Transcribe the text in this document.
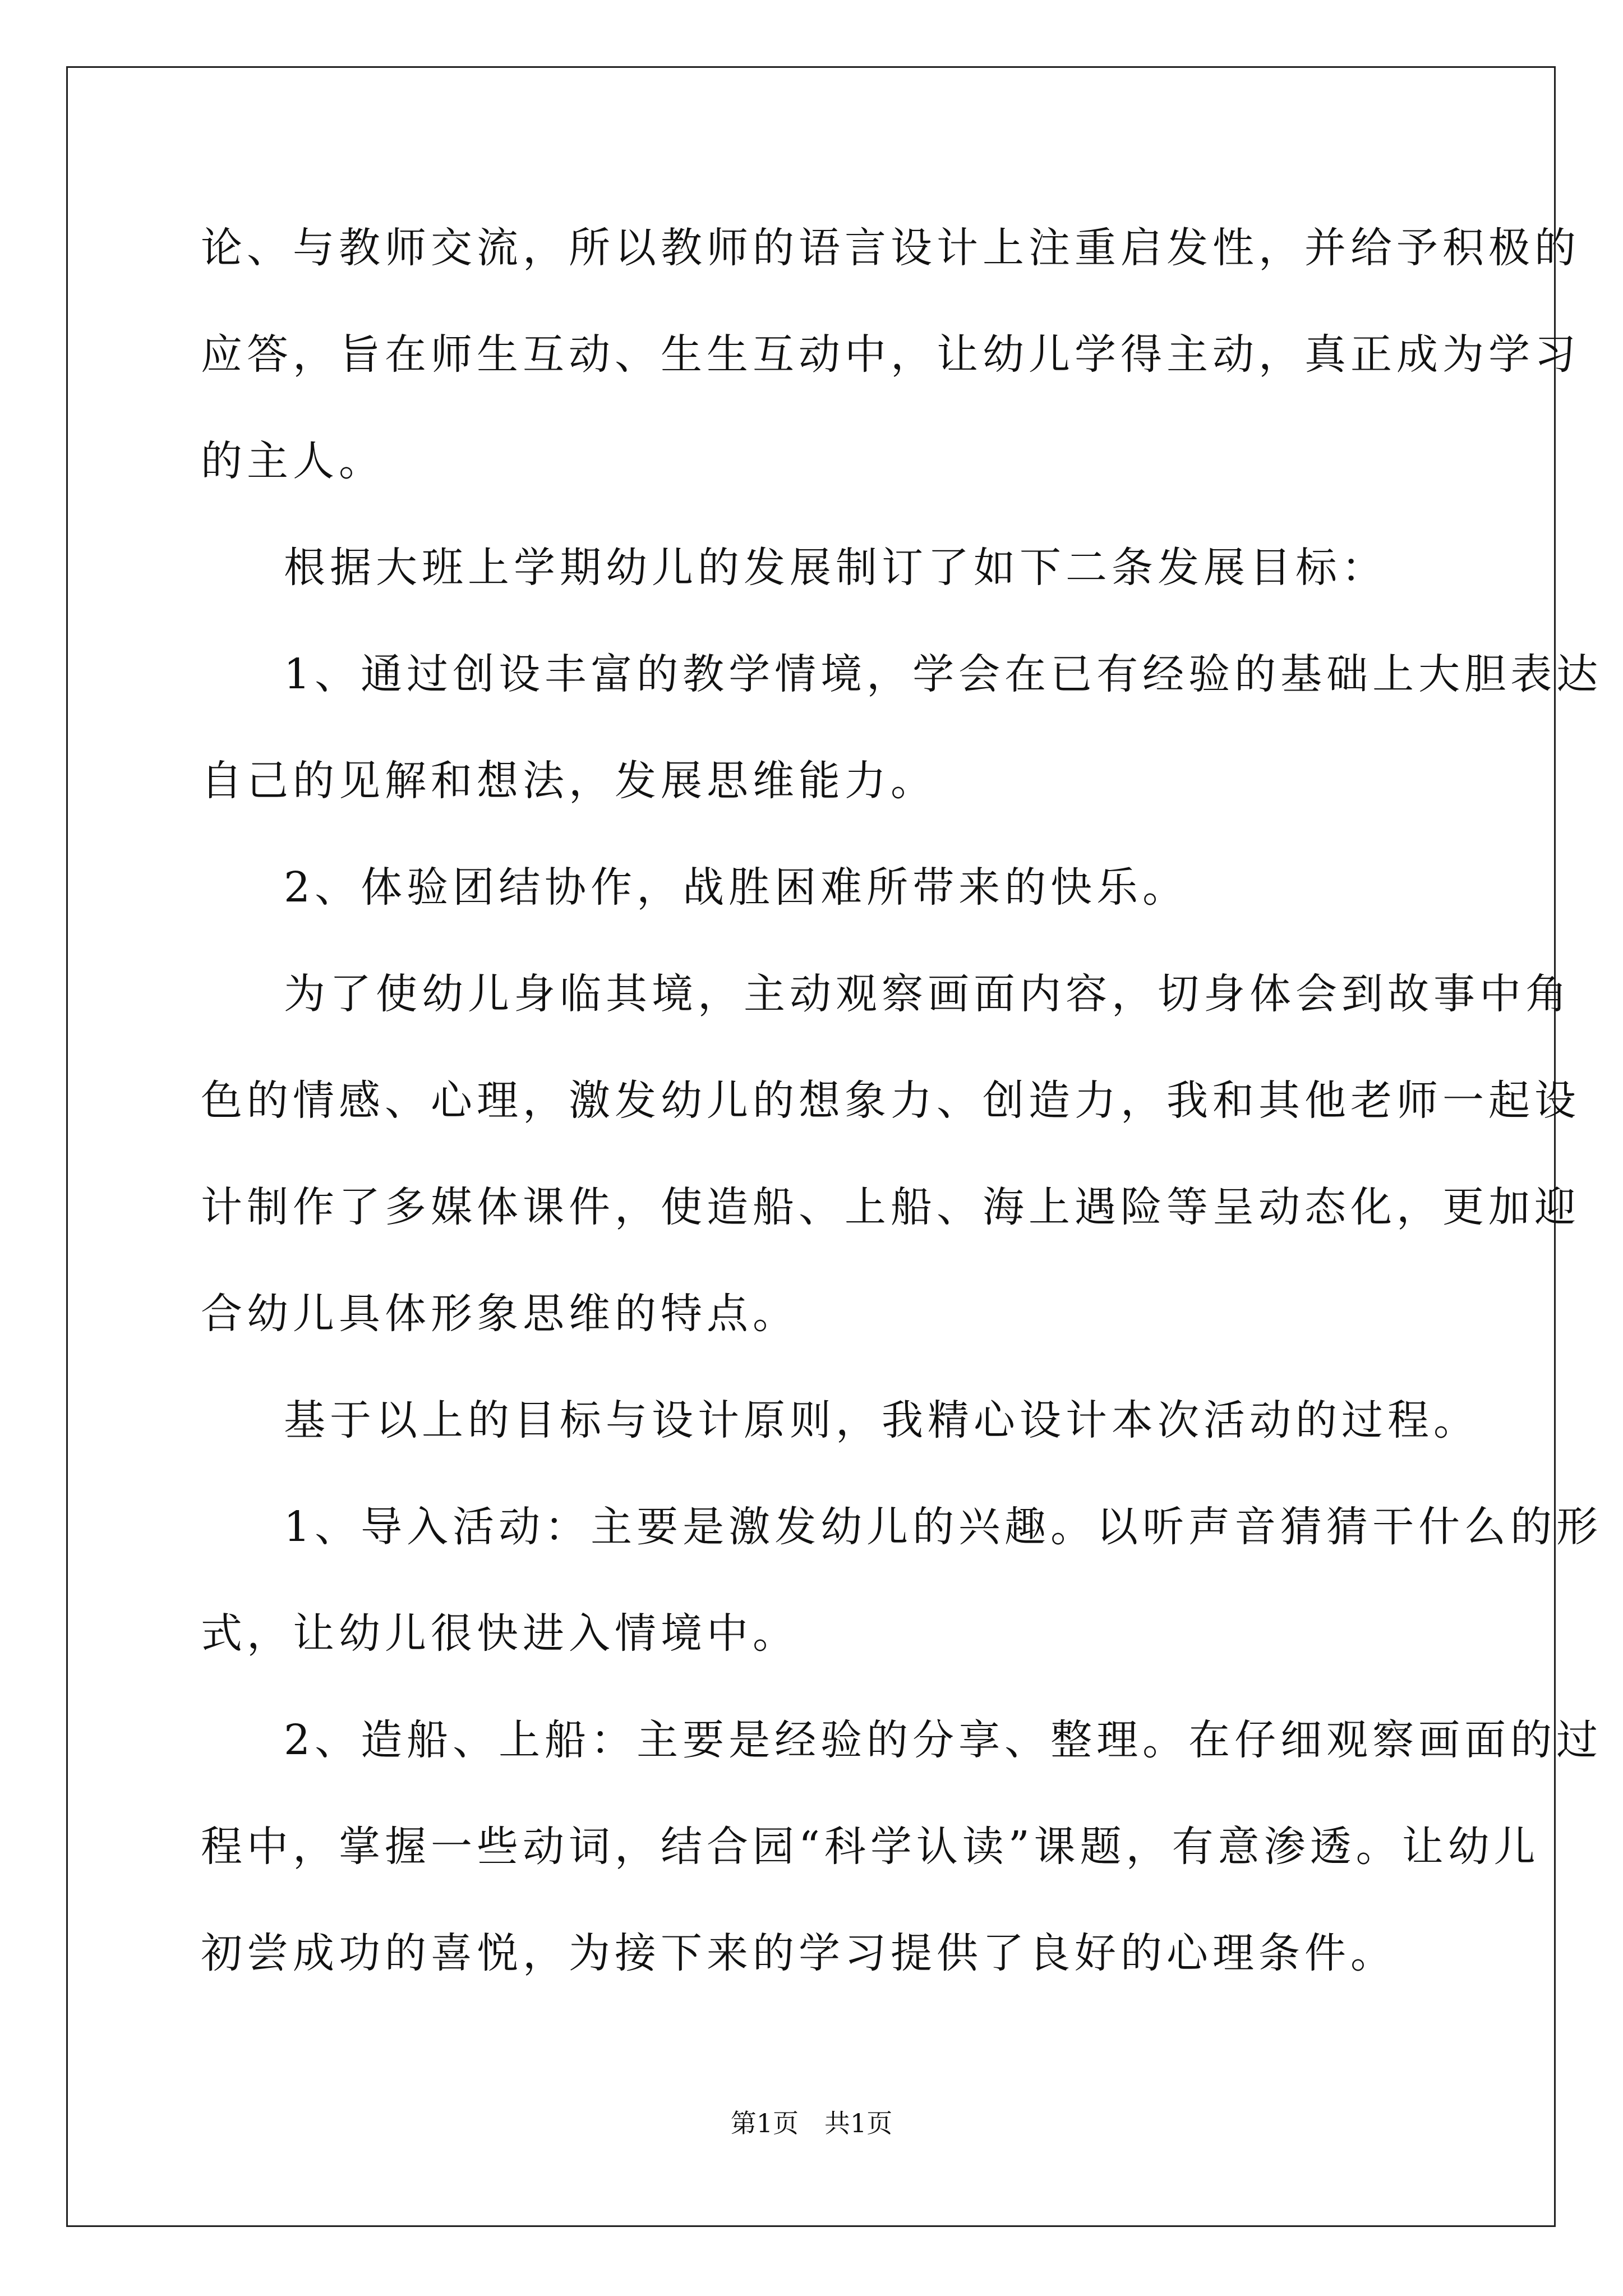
论、与教师交流，所以教师的语言设计上注重启发性，并给予积极的
应答，旨在师生互动、生生互动中，让幼儿学得主动，真正成为学习
的主人。
根据大班上学期幼儿的发展制订了如下二条发展目标：
1、通过创设丰富的教学情境，学会在已有经验的基础上大胆表达
自己的见解和想法，发展思维能力。
2、体验团结协作，战胜困难所带来的快乐。
为了使幼儿身临其境，主动观察画面内容，切身体会到故事中角
色的情感、心理，激发幼儿的想象力、创造力，我和其他老师一起设
计制作了多媒体课件，使造船、上船、海上遇险等呈动态化，更加迎
合幼儿具体形象思维的特点。
基于以上的目标与设计原则，我精心设计本次活动的过程。
1、导入活动：主要是激发幼儿的兴趣。以听声音猜猜干什么的形
式，让幼儿很快进入情境中。
2、造船、上船：主要是经验的分享、整理。在仔细观察画面的过
程中，掌握一些动词，结合园“科学认读”课题，有意渗透。让幼儿
初尝成功的喜悦，为接下来的学习提供了良好的心理条件。
第1页　共1页
